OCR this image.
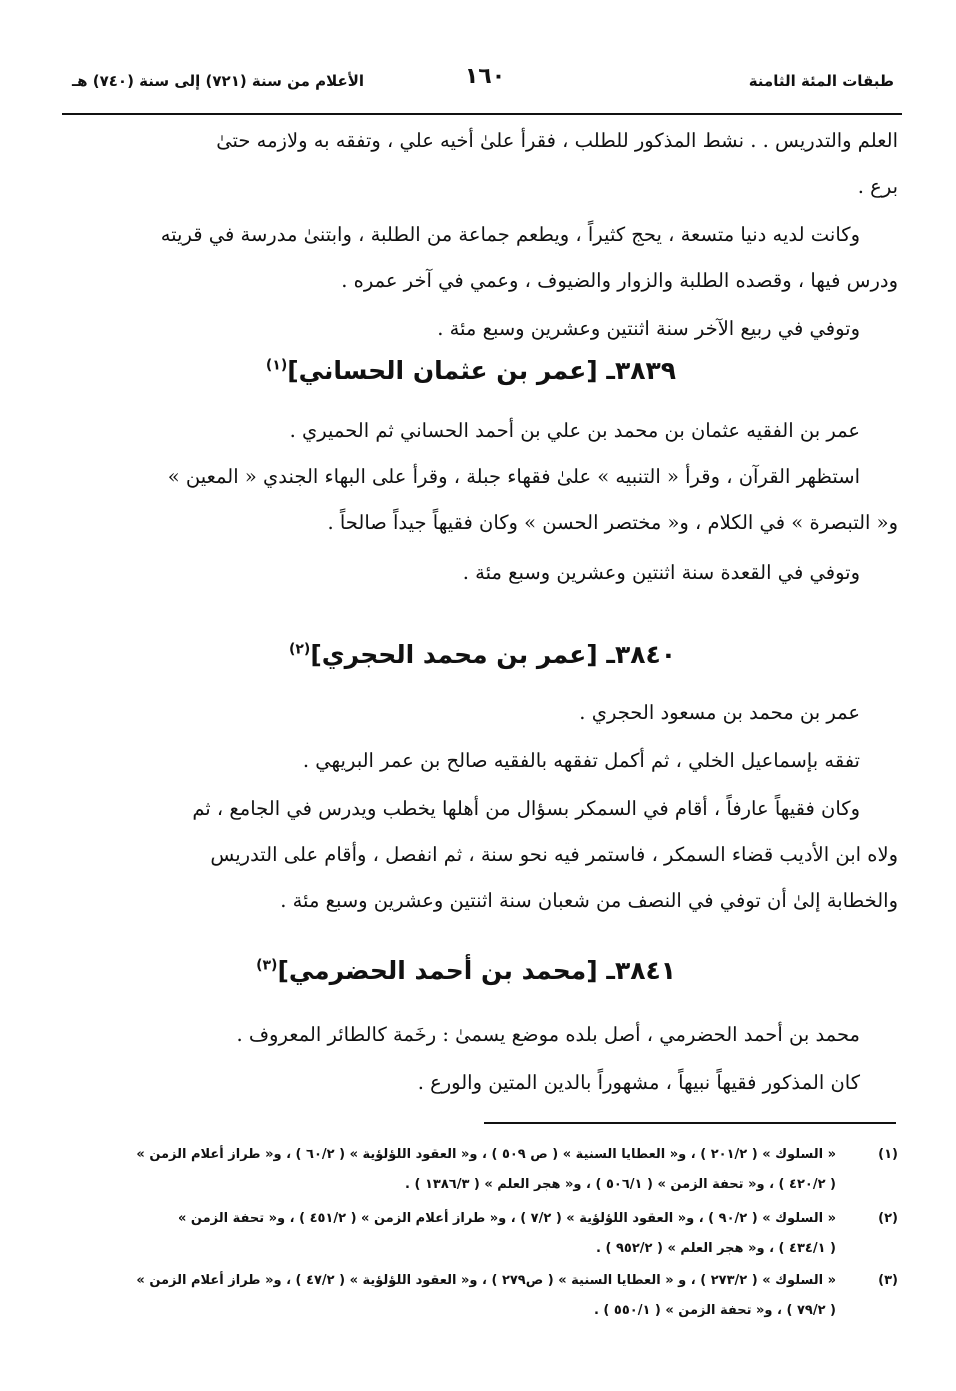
طبقات المئة الثامنة
١٦٠
الأعلام من سنة (٧٢١) إلى سنة (٧٤٠) هـ
العلم والتدريس . . نشط المذكور للطلب ، فقرأ علىٰ أخيه علي ، وتفقه به ولازمه حتىٰ
برع .
وكانت لديه دنيا متسعة ، يحج كثيراً ، ويطعم جماعة من الطلبة ، وابتنىٰ مدرسة في قريته
ودرس فيها ، وقصده الطلبة والزوار والضيوف ، وعمي في آخر عمره .
وتوفي في ربيع الآخر سنة اثنتين وعشرين وسبع مئة .
٣٨٣٩ـ [عمر بن عثمان الحساني]$^{(١)}$
عمر بن الفقيه عثمان بن محمد بن علي بن أحمد الحساني ثم الحميري .
استظهر القرآن ، وقرأ « التنبيه » علىٰ فقهاء جبلة ، وقرأ على البهاء الجندي « المعين »
و« التبصرة » في الكلام ، و« مختصر الحسن » وكان فقيهاً جيداً صالحاً .
وتوفي في القعدة سنة اثنتين وعشرين وسبع مئة .
٣٨٤٠ـ [عمر بن محمد الحجري]$^{(٢)}$
عمر بن محمد بن مسعود الحجري .
تفقه بإسماعيل الخلي ، ثم أكمل تفقهه بالفقيه صالح بن عمر البريهي .
وكان فقيهاً عارفاً ، أقام في السمكر بسؤال من أهلها يخطب ويدرس في الجامع ، ثم
ولاه ابن الأديب قضاء السمكر ، فاستمر فيه نحو سنة ، ثم انفصل ، وأقام على التدريس
والخطابة إلىٰ أن توفي في النصف من شعبان سنة اثنتين وعشرين وسبع مئة .
٣٨٤١ـ [محمد بن أحمد الحضرمي]$^{(٣)}$
محمد بن أحمد الحضرمي ، أصل بلده موضع يسمىٰ : رخَمة كالطائر المعروف .
كان المذكور فقيهاً نبيهاً ، مشهوراً بالدين المتين والورع .
(١)
« السلوك » ( ٢٠١/٢ ) ، و« العطايا السنية » ( ص ٥٠٩ ) ، و« العقود اللؤلؤية » ( ٦٠/٢ ) ، و« طراز أعلام الزمن »
( ٤٢٠/٢ ) ، و« تحفة الزمن » ( ٥٠٦/١ ) ، و« هجر العلم » ( ١٣٨٦/٣ ) .
(٢)
« السلوك » ( ٩٠/٢ ) ، و« العقود اللؤلؤية » ( ٧/٢ ) ، و« طراز أعلام الزمن » ( ٤٥١/٢ ) ، و« تحفة الزمن »
( ٤٣٤/١ ) ، و« هجر العلم » ( ٩٥٢/٢ ) .
(٣)
« السلوك » ( ٢٧٣/٢ ) ، و « العطايا السنية » ( ص٢٧٩ ) ، و« العقود اللؤلؤية » ( ٤٧/٢ ) ، و« طراز أعلام الزمن »
( ٧٩/٢ ) ، و« تحفة الزمن » ( ٥٥٠/١ ) .
